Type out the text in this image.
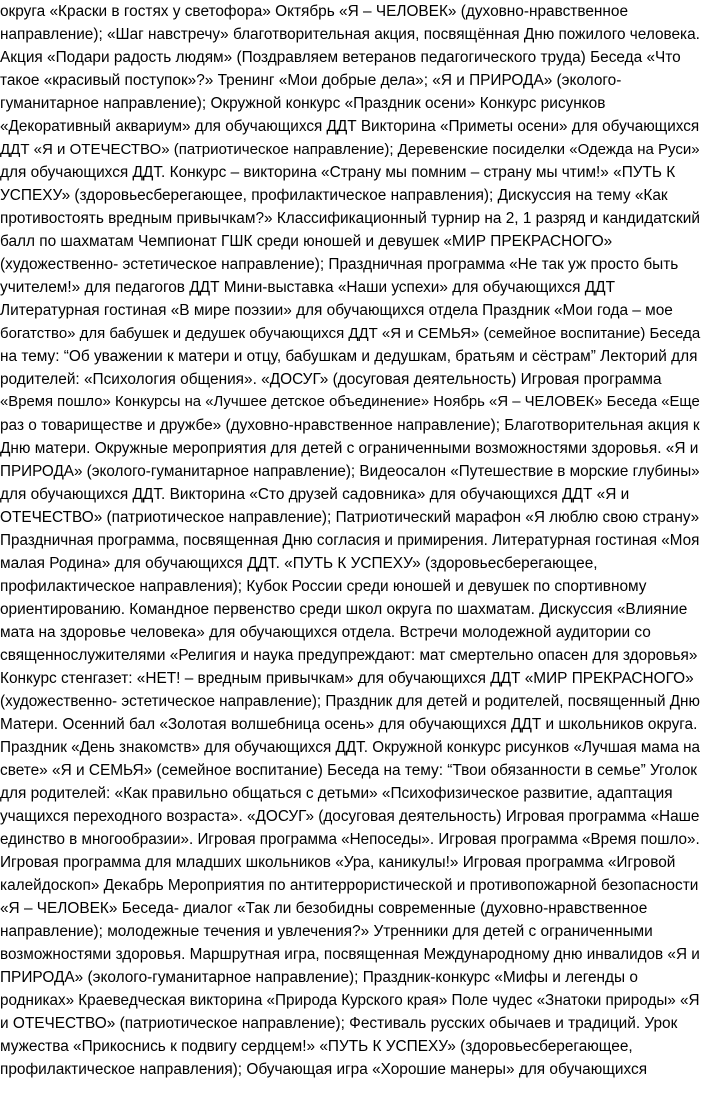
округа «Краски в гостях у светофора» Октябрь «Я – ЧЕЛОВЕК» (духовно-нравственное
направление); «Шаг навстречу» благотворительная акция, посвящённая Дню пожилого человека.
Акция «Подари радость людям» (Поздравляем ветеранов педагогического труда) Беседа «Что
такое «красивый поступок»?» Тренинг «Мои добрые дела»; «Я и ПРИРОДА» (эколого-
гуманитарное направление); Окружной конкурс «Праздник осени» Конкурс рисунков
«Декоративный аквариум» для обучающихся ДДТ Викторина «Приметы осени» для обучающихся
ДДТ «Я и ОТЕЧЕСТВО» (патриотическое направление); Деревенские посиделки «Одежда на Руси»
для обучающихся ДДТ. Конкурс – викторина «Страну мы помним – страну мы чтим!» «ПУТЬ К
УСПЕХУ» (здоровьесберегающее, профилактическое направления); Дискуссия на тему «Как
противостоять вредным привычкам?» Классификационный турнир на 2, 1 разряд и кандидатский
балл по шахматам Чемпионат ГШК среди юношей и девушек «МИР ПРЕКРАСНОГО»
(художественно- эстетическое направление); Праздничная программа «Не так уж просто быть
учителем!» для педагогов ДДТ Мини-выставка «Наши успехи» для обучающихся ДДТ
Литературная гостиная «В мире поэзии» для обучающихся отдела Праздник «Мои года – мое
богатство» для бабушек и дедушек обучающихся ДДТ «Я и СЕМЬЯ» (семейное воспитание) Беседа
на тему: “Об уважении к матери и отцу, бабушкам и дедушкам, братьям и сёстрам” Лекторий для
родителей: «Психология общения». «ДОСУГ» (досуговая деятельность) Игровая программа
«Время пошло» Конкурсы на «Лучшее детское объединение» Ноябрь «Я – ЧЕЛОВЕК» Беседа «Еще
раз о товариществе и дружбе» (духовно-нравственное направление); Благотворительная акция к
Дню матери. Окружные мероприятия для детей с ограниченными возможностями здоровья. «Я и
ПРИРОДА» (эколого-гуманитарное направление); Видеосалон «Путешествие в морские глубины»
для обучающихся ДДТ. Викторина «Сто друзей садовника» для обучающихся ДДТ «Я и
ОТЕЧЕСТВО» (патриотическое направление); Патриотический марафон «Я люблю свою страну»
Праздничная программа, посвященная Дню согласия и примирения. Литературная гостиная «Моя
малая Родина» для обучающихся ДДТ. «ПУТЬ К УСПЕХУ» (здоровьесберегающее,
профилактическое направления); Кубок России среди юношей и девушек по спортивному
ориентированию. Командное первенство среди школ округа по шахматам. Дискуссия «Влияние
мата на здоровье человека» для обучающихся отдела. Встречи молодежной аудитории со
священнослужителями «Религия и наука предупреждают: мат смертельно опасен для здоровья»
Конкурс стенгазет: «НЕТ! – вредным привычкам» для обучающихся ДДТ «МИР ПРЕКРАСНОГО»
(художественно- эстетическое направление); Праздник для детей и родителей, посвященный Дню
Матери. Осенний бал «Золотая волшебница осень» для обучающихся ДДТ и школьников округа.
Праздник «День знакомств» для обучающихся ДДТ. Окружной конкурс рисунков «Лучшая мама на
свете» «Я и СЕМЬЯ» (семейное воспитание) Беседа на тему: “Твои обязанности в семье” Уголок
для родителей: «Как правильно общаться с детьми» «Психофизическое развитие, адаптация
учащихся переходного возраста». «ДОСУГ» (досуговая деятельность) Игровая программа «Наше
единство в многообразии». Игровая программа «Непоседы». Игровая программа «Время пошло».
Игровая программа для младших школьников «Ура, каникулы!» Игровая программа «Игровой
калейдоскоп» Декабрь Мероприятия по антитеррористической и противопожарной безопасности
«Я – ЧЕЛОВЕК» Беседа- диалог «Так ли безобидны современные (духовно-нравственное
направление); молодежные течения и увлечения?» Утренники для детей с ограниченными
возможностями здоровья. Маршрутная игра, посвященная Международному дню инвалидов «Я и
ПРИРОДА» (эколого-гуманитарное направление); Праздник-конкурс «Мифы и легенды о
родниках» Краеведческая викторина «Природа Курского края» Поле чудес «Знатоки природы» «Я
и ОТЕЧЕСТВО» (патриотическое направление); Фестиваль русских обычаев и традиций. Урок
мужества «Прикоснись к подвигу сердцем!» «ПУТЬ К УСПЕХУ» (здоровьесберегающее,
профилактическое направления); Обучающая игра «Хорошие манеры» для обучающихся
